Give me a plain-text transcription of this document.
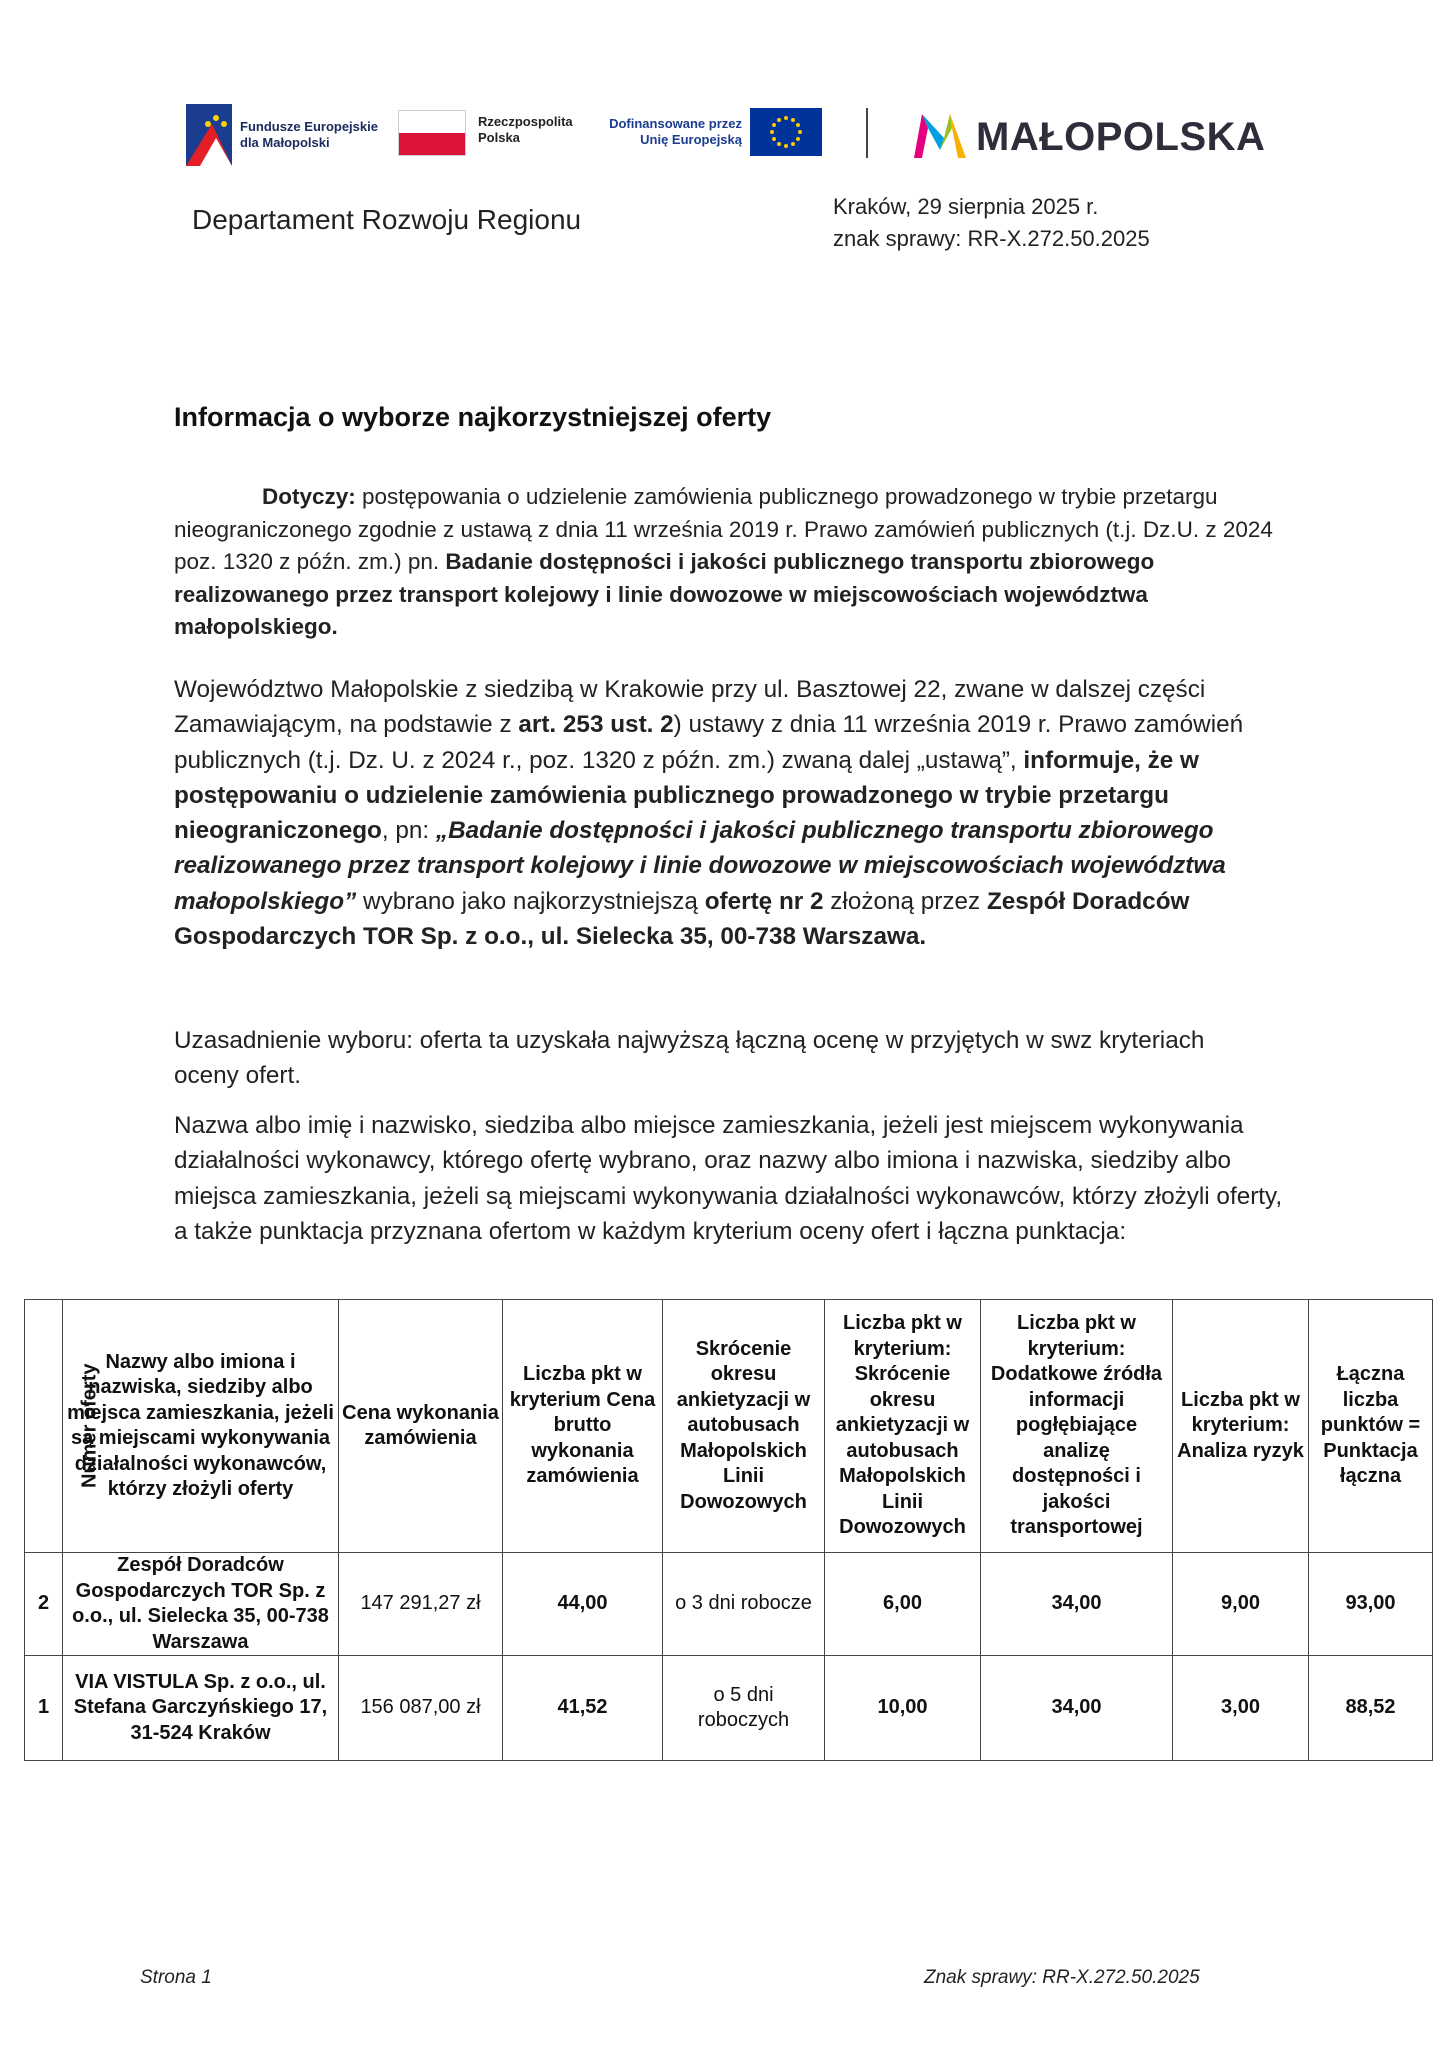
Fundusze Europejskie
dla Małopolski
Rzeczpospolita
Polska
Dofinansowane przez
Unię Europejską	MAŁOPOLSKA
Departament Rozwoju Regionu	Kraków, 29 sierpnia 2025 r.
znak sprawy: RR-X.272.50.2025
Informacja o wyborze najkorzystniejszej oferty
Dotyczy: postępowania o udzielenie zamówienia publicznego prowadzonego w trybie przetargu nieograniczonego zgodnie z ustawą z dnia 11 września 2019 r. Prawo zamówień publicznych (t.j. Dz.U. z 2024 poz. 1320 z późn. zm.) pn. Badanie dostępności i jakości publicznego transportu zbiorowego realizowanego przez transport kolejowy i linie dowozowe w miejscowościach województwa małopolskiego.
Województwo Małopolskie z siedzibą w Krakowie przy ul. Basztowej 22, zwane w dalszej części Zamawiającym, na podstawie z art. 253 ust. 2) ustawy z dnia 11 września 2019 r. Prawo zamówień publicznych (t.j. Dz. U. z 2024 r., poz. 1320 z późn. zm.) zwaną dalej „ustawą”, informuje, że w postępowaniu o udzielenie zamówienia publicznego prowadzonego w trybie przetargu nieograniczonego, pn: „Badanie dostępności i jakości publicznego transportu zbiorowego realizowanego przez transport kolejowy i linie dowozowe w miejscowościach województwa małopolskiego” wybrano jako najkorzystniejszą ofertę nr 2 złożoną przez Zespół Doradców Gospodarczych TOR Sp. z o.o., ul. Sielecka 35, 00-738 Warszawa.
Uzasadnienie wyboru: oferta ta uzyskała najwyższą łączną ocenę w przyjętych w swz kryteriach oceny ofert.
Nazwa albo imię i nazwisko, siedziba albo miejsce zamieszkania, jeżeli jest miejscem wykonywania działalności wykonawcy, którego ofertę wybrano, oraz nazwy albo imiona i nazwiska, siedziby albo miejsca zamieszkania, jeżeli są miejscami wykonywania działalności wykonawców, którzy złożyli oferty, a także punktacja przyznana ofertom w każdym kryterium oceny ofert i łączna punktacja:
Numer oferty	Nazwy albo imiona i nazwiska, siedziby albo miejsca zamieszkania, jeżeli są miejscami wykonywania działalności wykonawców, którzy złożyli oferty	Cena wykonania zamówienia	Liczba pkt w kryterium Cena brutto wykonania zamówienia	Skrócenie okresu ankietyzacji w autobusach Małopolskich Linii Dowozowych	Liczba pkt w kryterium: Skrócenie okresu ankietyzacji w autobusach Małopolskich Linii Dowozowych	Liczba pkt w kryterium: Dodatkowe źródła informacji pogłębiające analizę dostępności i jakości transportowej	Liczba pkt w kryterium: Analiza ryzyk	Łączna liczba punktów = Punktacja łączna
2	Zespół Doradców Gospodarczych TOR Sp. z o.o., ul. Sielecka 35, 00-738 Warszawa	147 291,27 zł	44,00	o 3 dni robocze	6,00	34,00	9,00	93,00
1	VIA VISTULA Sp. z o.o., ul. Stefana Garczyńskiego 17, 31-524 Kraków	156 087,00 zł	41,52	o 5 dni roboczych	10,00	34,00	3,00	88,52
Strona 1	Znak sprawy: RR-X.272.50.2025
